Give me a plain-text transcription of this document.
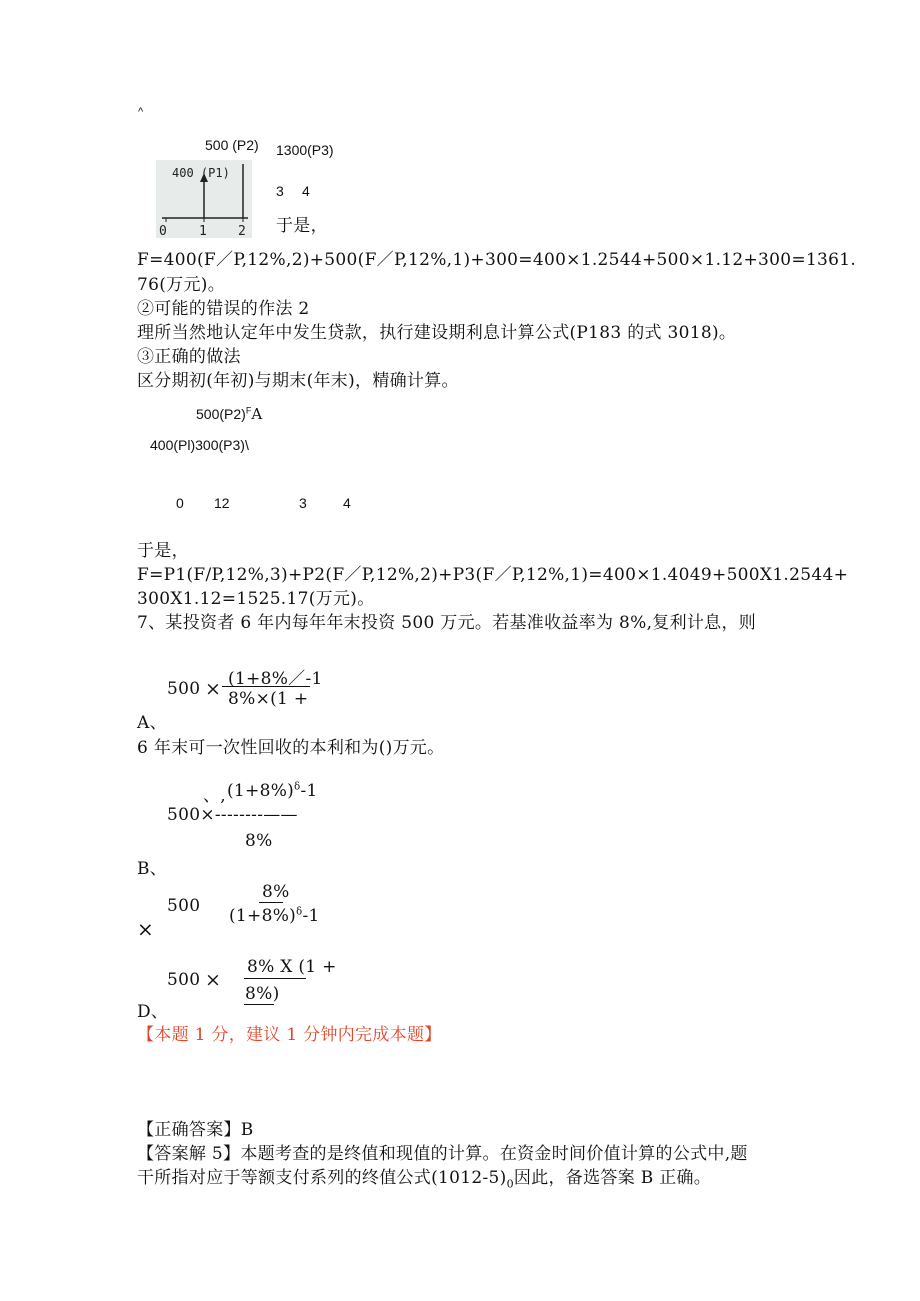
^
500 (P2) 1300(P3)
3 4
400 (P1)
0 1 2 于是，
F=400(F／P,12%,2)+500(F／P,12%,1)+300=400×1.2544+500×1.12+300=1361.
76(万元)。
②可能的错误的作法 2
理所当然地认定年中发生贷款，执行建设期利息计算公式(P183 的式 3018)。
③正确的做法
区分期初(年初)与期末(年末)，精确计算。
$500(P2)^FA$
400(Pl)300(P3)\
0 12	3	4
于是，
F=P1(F/P,12%,3)+P2(F／P,12%,2)+P3(F／P,12%,1)=400×1.4049+500X1.2544+
300X1.12=1525.17(万元)。
7、某投资者 6 年内每年年末投资 500 万元。若基准收益率为 8%,复利计息，则
500 × (1+8%／-1
8%×(1 +
A、
6 年末可一次性回收的本利和为()万元。
、, $(1+8\%)^\delta-1$
500×--------——
8%
B、
8%
500 $(1+8\%)^\delta-1$
×
8% X (1 +
500 ×
8%)
D、
【本题 1 分，建议 1 分钟内完成本题】
【正确答案】B
【答案解 5】本题考查的是终值和现值的计算。在资金时间价值计算的公式中,题
干所指对应于等额支付系列的终值公式$(1012-5)_0$因此，备选答案 B 正确。
